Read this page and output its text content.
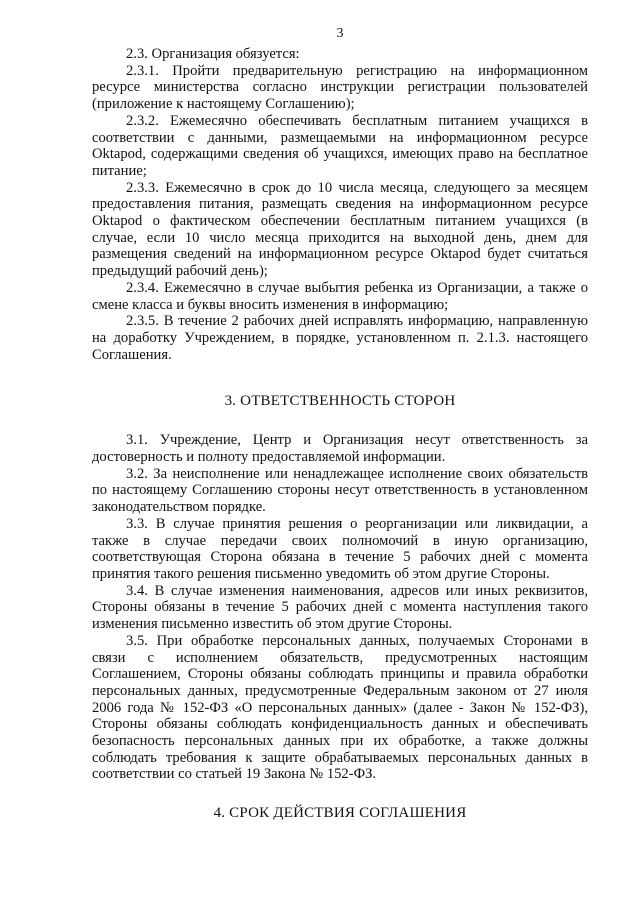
3

2.3. Организация обязуется:

2.3.1. Пройти предварительную регистрацию на информационном ресурсе министерства согласно инструкции регистрации пользователей (приложение к настоящему Соглашению);

2.3.2. Ежемесячно обеспечивать бесплатным питанием учащихся в соответствии с данными, размещаемыми на информационном ресурсе Oktapod, содержащими сведения об учащихся, имеющих право на бесплатное питание;

2.3.3. Ежемесячно в срок до 10 числа месяца, следующего за месяцем предоставления питания, размещать сведения на информационном ресурсе Oktapod о фактическом обеспечении бесплатным питанием учащихся (в случае, если 10 число месяца приходится на выходной день, днем для размещения сведений на информационном ресурсе Oktapod будет считаться предыдущий рабочий день);

2.3.4. Ежемесячно в случае выбытия ребенка из Организации, а также о смене класса и буквы вносить изменения в информацию;

2.3.5. В течение 2 рабочих дней исправлять информацию, направленную на доработку Учреждением, в порядке, установленном п. 2.1.3. настоящего Соглашения.

3. ОТВЕТСТВЕННОСТЬ СТОРОН

3.1. Учреждение, Центр и Организация несут ответственность за достоверность и полноту предоставляемой информации.

3.2. За неисполнение или ненадлежащее исполнение своих обязательств по настоящему Соглашению стороны несут ответственность в установленном законодательством порядке.

3.3. В случае принятия решения о реорганизации или ликвидации, а также в случае передачи своих полномочий в иную организацию, соответствующая Сторона обязана в течение 5 рабочих дней с момента принятия такого решения письменно уведомить об этом другие Стороны.

3.4. В случае изменения наименования, адресов или иных реквизитов, Стороны обязаны в течение 5 рабочих дней с момента наступления такого изменения письменно известить об этом другие Стороны.

3.5. При обработке персональных данных, получаемых Сторонами в связи с исполнением обязательств, предусмотренных настоящим Соглашением, Стороны обязаны соблюдать принципы и правила обработки персональных данных, предусмотренные Федеральным законом от 27 июля 2006 года № 152-ФЗ «О персональных данных» (далее - Закон № 152-ФЗ), Стороны обязаны соблюдать конфиденциальность данных и обеспечивать безопасность персональных данных при их обработке, а также должны соблюдать требования к защите обрабатываемых персональных данных в соответствии со статьей 19 Закона № 152-ФЗ.

4. СРОК ДЕЙСТВИЯ СОГЛАШЕНИЯ
